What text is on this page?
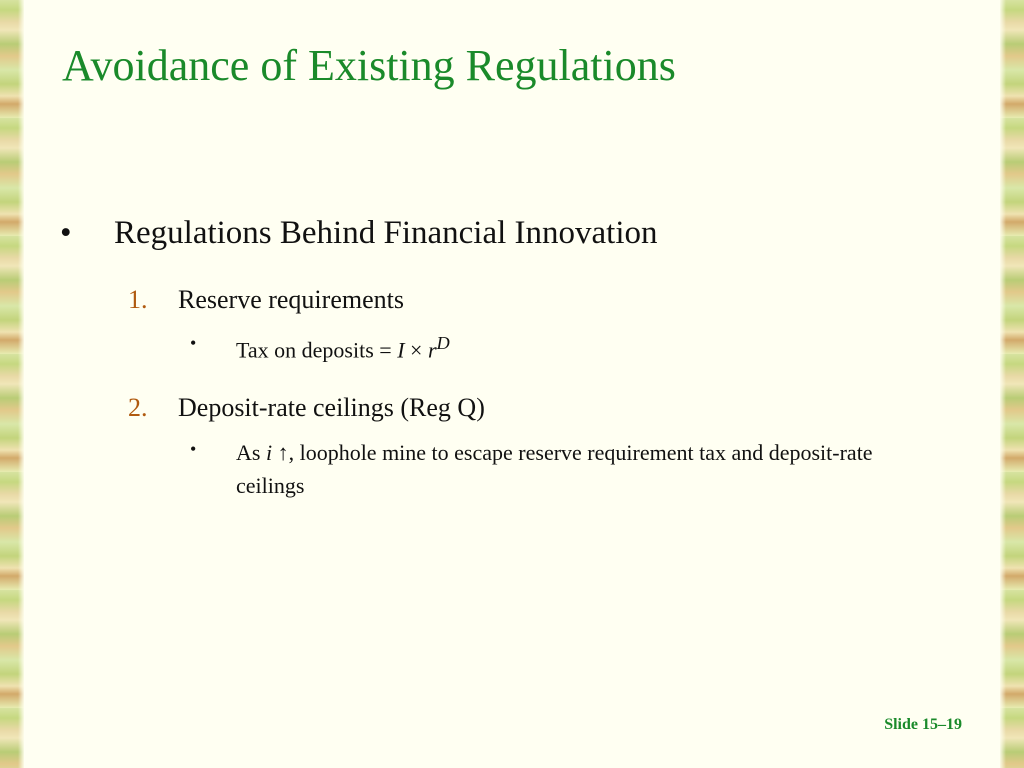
Avoidance of Existing Regulations
• Regulations Behind Financial Innovation
1. Reserve requirements
• Tax on deposits = $I \times r^D$
2. Deposit-rate ceilings (Reg Q)
• As i ↑, loophole mine to escape reserve requirement tax and deposit-rate ceilings
Slide 15–19
